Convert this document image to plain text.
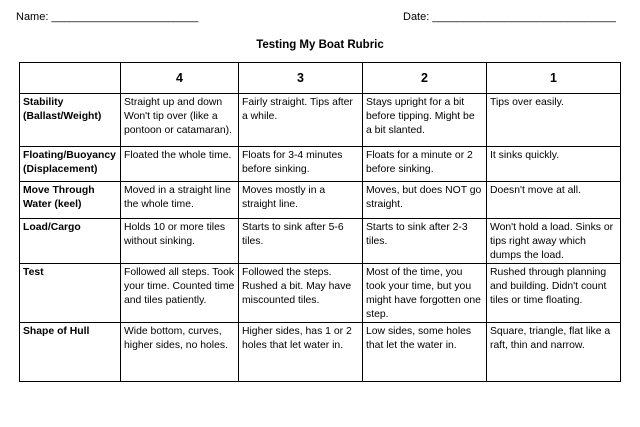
Name: ________________________	Date: ______________________________
Testing My Boat Rubric
	4	3	2	1
Stability (Ballast/Weight)	Straight up and down Won't tip over (like a pontoon or catamaran).	Fairly straight. Tips after a while.	Stays upright for a bit before tipping. Might be a bit slanted.	Tips over easily.
Floating/Buoyancy (Displacement)	Floated the whole time.	Floats for 3-4 minutes before sinking.	Floats for a minute or 2 before sinking.	It sinks quickly.
Move Through Water (keel)	Moved in a straight line the whole time.	Moves mostly in a straight line.	Moves, but does NOT go straight.	Doesn't move at all.
Load/Cargo	Holds 10 or more tiles without sinking.	Starts to sink after 5-6 tiles.	Starts to sink after 2-3 tiles.	Won't hold a load. Sinks or tips right away which dumps the load.
Test	Followed all steps. Took your time. Counted time and tiles patiently.	Followed the steps. Rushed a bit. May have miscounted tiles.	Most of the time, you took your time, but you might have forgotten one step.	Rushed through planning and building. Didn't count tiles or time floating.
Shape of Hull	Wide bottom, curves, higher sides, no holes.	Higher sides, has 1 or 2 holes that let water in.	Low sides, some holes that let the water in.	Square, triangle, flat like a raft, thin and narrow.
